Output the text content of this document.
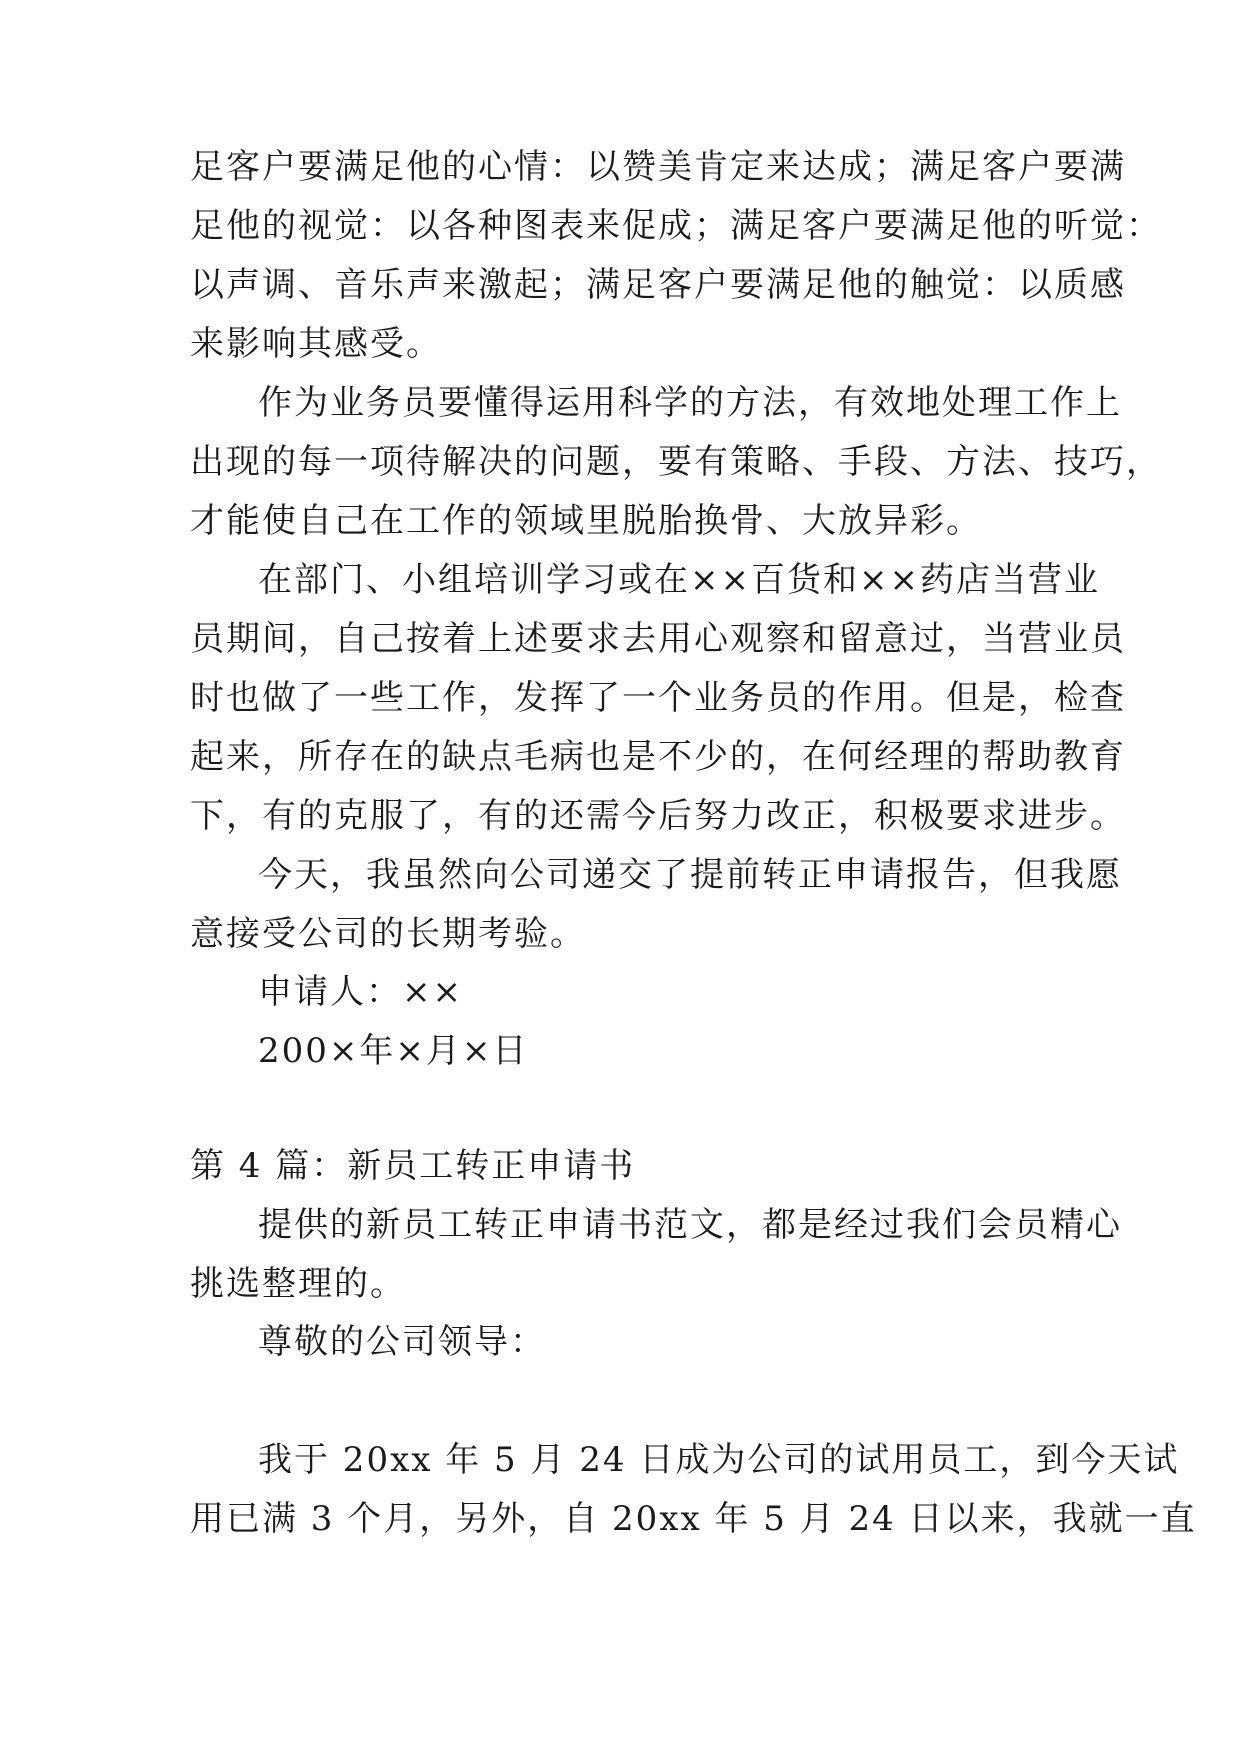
足客户要满足他的心情：以赞美肯定来达成；满足客户要满
足他的视觉：以各种图表来促成；满足客户要满足他的听觉：
以声调、音乐声来激起；满足客户要满足他的触觉：以质感
来影响其感受。
作为业务员要懂得运用科学的方法，有效地处理工作上
出现的每一项待解决的问题，要有策略、手段、方法、技巧，
才能使自己在工作的领域里脱胎换骨、大放异彩。
在部门、小组培训学习或在××百货和××药店当营业
员期间，自己按着上述要求去用心观察和留意过，当营业员
时也做了一些工作，发挥了一个业务员的作用。但是，检查
起来，所存在的缺点毛病也是不少的，在何经理的帮助教育
下，有的克服了，有的还需今后努力改正，积极要求进步。
今天，我虽然向公司递交了提前转正申请报告，但我愿
意接受公司的长期考验。
申请人：××
200×年×月×日
第 4 篇：新员工转正申请书
提供的新员工转正申请书范文，都是经过我们会员精心
挑选整理的。
尊敬的公司领导：
我于 20xx 年 5 月 24 日成为公司的试用员工，到今天试
用已满 3 个月，另外，自 20xx 年 5 月 24 日以来，我就一直
